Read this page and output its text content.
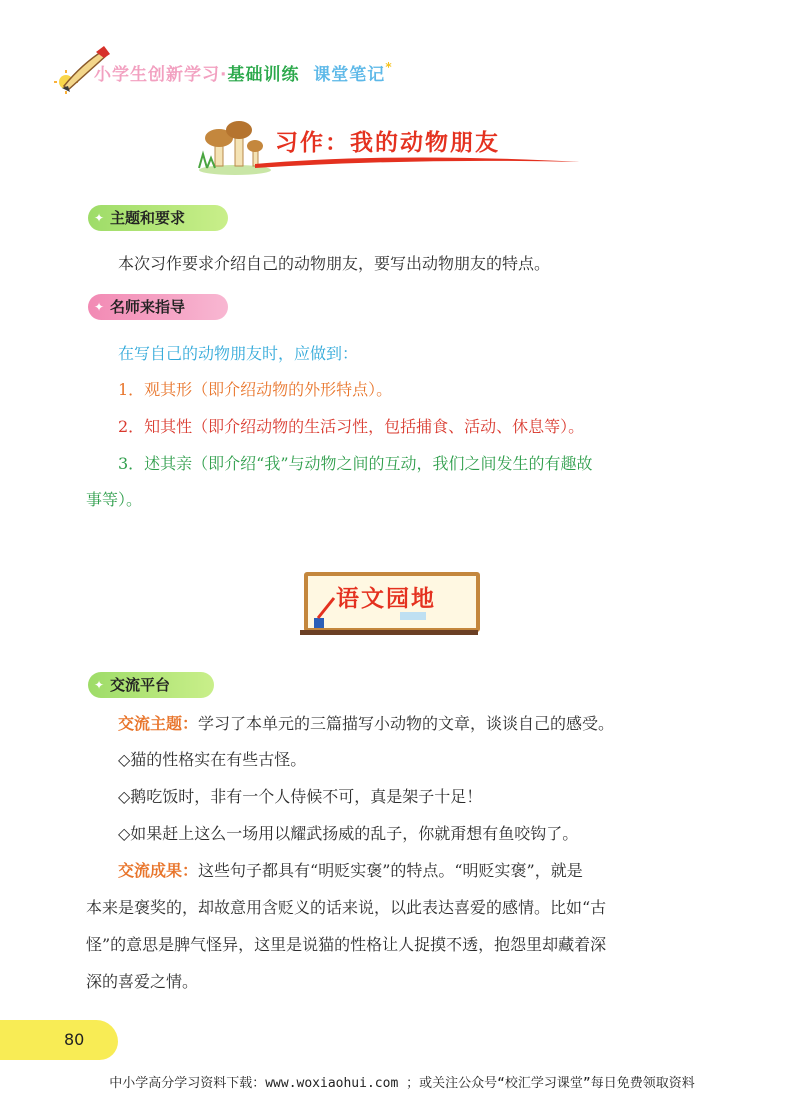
小学生创新学习·基础训练 课堂笔记*
习作：我的动物朋友
✦ 主题和要求
本次习作要求介绍自己的动物朋友，要写出动物朋友的特点。
✦ 名师来指导
在写自己的动物朋友时，应做到：
1．观其形（即介绍动物的外形特点）。
2．知其性（即介绍动物的生活习性，包括捕食、活动、休息等）。
3．述其亲（即介绍“我”与动物之间的互动，我们之间发生的有趣故
事等）。
语文园地
✦ 交流平台
交流主题：学习了本单元的三篇描写小动物的文章，谈谈自己的感受。
◇猫的性格实在有些古怪。
◇鹅吃饭时，非有一个人侍候不可，真是架子十足！
◇如果赶上这么一场用以耀武扬威的乱子，你就甭想有鱼咬钩了。
交流成果：这些句子都具有“明贬实褒”的特点。“明贬实褒”，就是
本来是褒奖的，却故意用含贬义的话来说，以此表达喜爱的感情。比如“古
怪”的意思是脾气怪异，这里是说猫的性格让人捉摸不透，抱怨里却藏着深
深的喜爱之情。
80
中小学高分学习资料下载：www.woxiaohui.com ；或关注公众号“校汇学习课堂”每日免费领取资料
